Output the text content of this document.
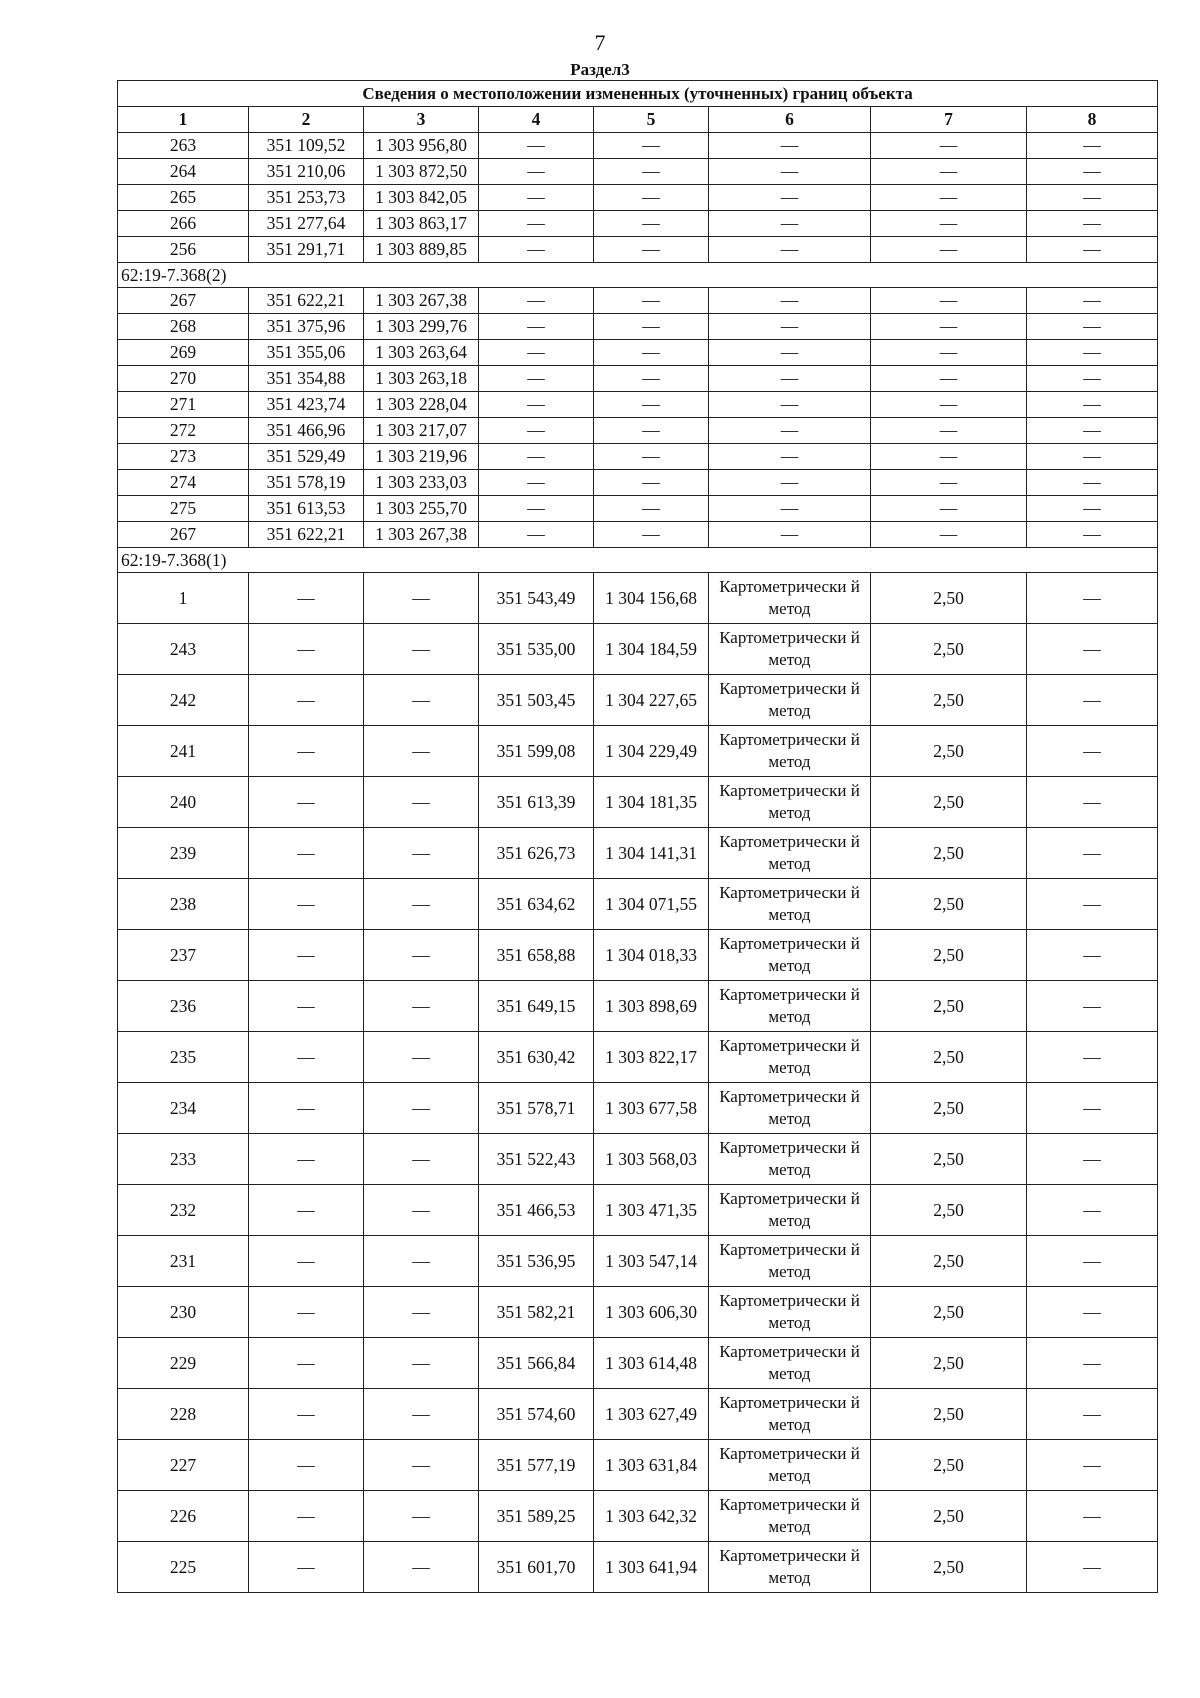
7
Раздел3
Сведения о местоположении измененных (уточненных) границ объекта							
1	2	3	4	5	6	7	8
263	351 109,52	1 303 956,80	—	—	—	—	—
264	351 210,06	1 303 872,50	—	—	—	—	—
265	351 253,73	1 303 842,05	—	—	—	—	—
266	351 277,64	1 303 863,17	—	—	—	—	—
256	351 291,71	1 303 889,85	—	—	—	—	—
62:19-7.368(2)							
267	351 622,21	1 303 267,38	—	—	—	—	—
268	351 375,96	1 303 299,76	—	—	—	—	—
269	351 355,06	1 303 263,64	—	—	—	—	—
270	351 354,88	1 303 263,18	—	—	—	—	—
271	351 423,74	1 303 228,04	—	—	—	—	—
272	351 466,96	1 303 217,07	—	—	—	—	—
273	351 529,49	1 303 219,96	—	—	—	—	—
274	351 578,19	1 303 233,03	—	—	—	—	—
275	351 613,53	1 303 255,70	—	—	—	—	—
267	351 622,21	1 303 267,38	—	—	—	—	—
62:19-7.368(1)							
1	—	—	351 543,49	1 304 156,68	Картометрически й метод	2,50	—
243	—	—	351 535,00	1 304 184,59	Картометрически й метод	2,50	—
242	—	—	351 503,45	1 304 227,65	Картометрически й метод	2,50	—
241	—	—	351 599,08	1 304 229,49	Картометрически й метод	2,50	—
240	—	—	351 613,39	1 304 181,35	Картометрически й метод	2,50	—
239	—	—	351 626,73	1 304 141,31	Картометрически й метод	2,50	—
238	—	—	351 634,62	1 304 071,55	Картометрически й метод	2,50	—
237	—	—	351 658,88	1 304 018,33	Картометрически й метод	2,50	—
236	—	—	351 649,15	1 303 898,69	Картометрически й метод	2,50	—
235	—	—	351 630,42	1 303 822,17	Картометрически й метод	2,50	—
234	—	—	351 578,71	1 303 677,58	Картометрически й метод	2,50	—
233	—	—	351 522,43	1 303 568,03	Картометрически й метод	2,50	—
232	—	—	351 466,53	1 303 471,35	Картометрически й метод	2,50	—
231	—	—	351 536,95	1 303 547,14	Картометрически й метод	2,50	—
230	—	—	351 582,21	1 303 606,30	Картометрически й метод	2,50	—
229	—	—	351 566,84	1 303 614,48	Картометрически й метод	2,50	—
228	—	—	351 574,60	1 303 627,49	Картометрически й метод	2,50	—
227	—	—	351 577,19	1 303 631,84	Картометрически й метод	2,50	—
226	—	—	351 589,25	1 303 642,32	Картометрически й метод	2,50	—
225	—	—	351 601,70	1 303 641,94	Картометрически й метод	2,50	—
